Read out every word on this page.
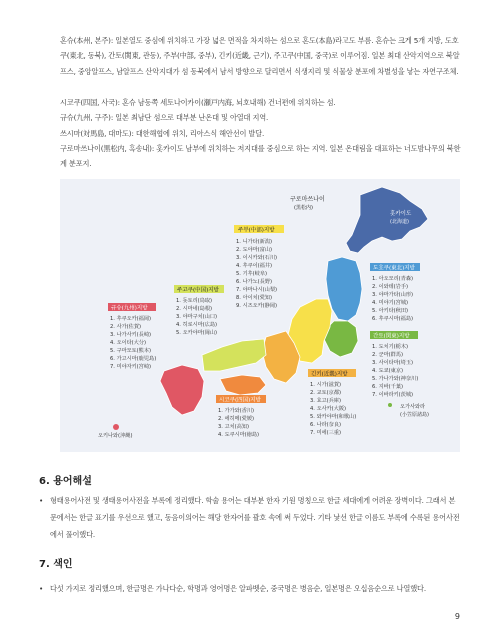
혼슈(本州, 본주): 일본열도 중심에 위치하고 가장 넓은 면적을 차지하는 섬으로 혼도(本島)라고도 부름. 혼슈는 크게 5개 지방, 도호쿠(東北, 동북), 간토(関東, 관동), 주부(中部, 중부), 긴키(近畿, 근기), 주고쿠(中国, 중국)로 이루어짐. 일본 최대 산악지역으로 북알프스, 중앙알프스, 남알프스 산악지대가 섬 동북에서 남서 방향으로 달리면서 식생지리 및 식물상 분포에 차별성을 낳는 자연구조체.
시코쿠(四国, 사국): 혼슈 남동쪽 세토나이카이(瀬戸内海, 뇌호내해) 건너편에 위치하는 섬.
규슈(九州, 구주): 일본 최남단 섬으로 대부분 난온대 및 아열대 지역.
쓰시마(対馬島, 대마도): 대한해협에 위치, 리아스식 해안선이 발달.
구로마쓰나이(黒松内, 흑송내): 홋카이도 남부에 위치하는 저지대를 중심으로 하는 지역. 일본 온대림을 대표하는 너도밤나무의 북한계 분포지.
구로마쓰나이
(黒松内)
홋카이도
(北海道)
주부(中部)지방
1. 니가타(新潟)
2. 도야마(富山)
3. 이시카와(石川)
4. 후쿠이(福井)
5. 기후(岐阜)
6. 나가노(長野)
7. 야마나시(山梨)
8. 아이치(愛知)
9. 시즈오카(静岡)
도호쿠(東北)지방
1. 아오모리(青森)
2. 이와테(岩手)
3. 야마가타(山形)
4. 미야기(宮城)
5. 아키타(秋田)
6. 후쿠시마(福島)
간토(関東)지방
1. 도치기(栃木)
2. 군마(群馬)
3. 사이타마(埼玉)
4. 도쿄(東京)
5. 가나가와(神奈川)
6. 지바(千葉)
7. 이바라키(茨城)
주고쿠(中国)지방
1. 돗토리(鳥取)
2. 시마네(島根)
3. 야마구치(山口)
4. 히로시마(広島)
5. 오카야마(岡山)
규슈(九州)지방
1. 후쿠오카(福岡)
2. 사가(佐賀)
3. 나가사키(長崎)
4. 오이타(大分)
5. 구마모토(熊本)
6. 가고시마(鹿児島)
7. 미야자키(宮崎)
시코쿠(四国)지방
1. 가가와(香川)
2. 에히메(愛媛)
3. 고치(高知)
4. 도쿠시마(徳島)
긴키(近畿)지방
1. 시가(滋賀)
2. 교토(京都)
3. 효고(兵庫)
4. 오사카(大阪)
5. 와카야마(和歌山)
6. 나라(奈良)
7. 미에(三重)
오가사와라
(小笠原諸島)
오키나와(沖縄)
6. 용어해설
• 형태용어사전 및 생태용어사전을 부록에 정리했다. 학술 용어는 대부분 한자 기원 명칭으로 한글 세대에게 어려운 장벽이다. 그래서 본문에서는 한글 표기를 우선으로 했고, 동음이의어는 해당 한자어를 괄호 속에 써 두었다. 기타 낯선 한글 이름도 부록에 수록된 용어사전에서 풀이했다.
7. 색인
• 다섯 가지로 정리했으며, 한글명은 가나다순, 학명과 영어명은 알파벳순, 중국명은 병음순, 일본명은 오십음순으로 나열했다.
9
